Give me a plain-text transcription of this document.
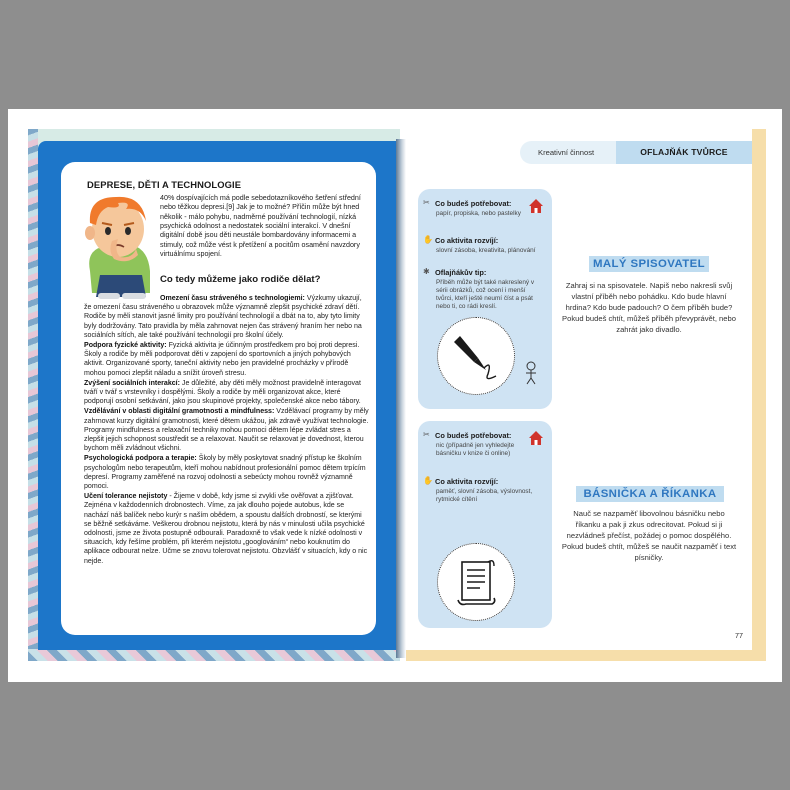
DEPRESE, DĚTI A TECHNOLOGIE
40% dospívajících má podle sebedotazníkového šetření střední nebo těžkou depresi.[9] Jak je to možné? Příčin může být hned několik - málo pohybu, nadměrné používání technologií, nízká psychická odolnost a nedostatek sociální interakcí. V dnešní digitální době jsou děti neustále bombardovány informacemi a stimuly, což může vést k přetížení a pocitům osamění navzdory virtuálnímu spojení.
Co tedy můžeme jako rodiče dělat?

Omezení času stráveného s technologiemi: Výzkumy ukazují, že omezení času stráveného u obrazovek může významně zlepšit psychické zdraví dětí. Rodiče by měli stanovit jasné limity pro používání technologií a dbát na to, aby tyto limity byly dodržovány. Tato pravidla by měla zahrnovat nejen čas strávený hraním her nebo na sociálních sítích, ale také používání technologií pro školní účely.

Podpora fyzické aktivity: Fyzická aktivita je účinným prostředkem pro boj proti depresi. Školy a rodiče by měli podporovat děti v zapojení do sportovních a jiných pohybových aktivit. Organizované sporty, taneční aktivity nebo jen pravidelné procházky v přírodě mohou pomoci zlepšit náladu a snížit úroveň stresu.

Zvýšení sociálních interakcí: Je důležité, aby děti měly možnost pravidelně interagovat tváří v tvář s vrstevníky i dospělými. Školy a rodiče by měli organizovat akce, které podporují osobní setkávání, jako jsou skupinové projekty, společenské akce nebo tábory.

Vzdělávání v oblasti digitální gramotnosti a mindfulness: Vzdělávací programy by měly zahrnovat kurzy digitální gramotnosti, které dětem ukážou, jak zdravě využívat technologie. Programy mindfulness a relaxační techniky mohou pomoci dětem lépe zvládat stres a zlepšit jejich schopnost soustředit se a relaxovat. Naučit se relaxovat je dovednost, kterou bychom měli zvládnout všichni.

Psychologická podpora a terapie: Školy by měly poskytovat snadný přístup ke školním psychologům nebo terapeutům, kteří mohou nabídnout profesionální pomoc dětem trpícím depresí. Programy zaměřené na rozvoj odolnosti a sebeúcty mohou rovněž významně pomoci.

Učení tolerance nejistoty - Žijeme v době, kdy jsme si zvykli vše ověřovat a zjišťovat. Zejména v každodenních drobnostech. Víme, za jak dlouho pojede autobus, kde se nachází náš balíček nebo kurýr s naším obědem, a spoustu dalších drobností, se kterými se běžně setkáváme. Veškerou drobnou nejistotu, která by nás v minulosti učila psychické odolnosti, jsme ze života postupně odbourali. Paradoxně to však vede k nízké odolnosti v situacích, kdy řešíme problém, při kterém nejistotu „googlováním“ nebo kouknutím do aplikace odbourat nelze. Učme se znovu tolerovat nejistotu. Obzvlášť v situacích, kdy o nic nejde.

Kreativní činnost	OFLAJŇÁK TVŮRCE
✂ Co budeš potřebovat:
papír, propiska, nebo pastelky
✋ Co aktivita rozvíjí:
slovní zásoba, kreativita, plánování
✱ Oflajňákův tip:
Příběh může být také nakreslený v sérii obrázků, což ocení i menší tvůrci, kteří ještě neumí číst a psát nebo ti, co rádi kreslí.
✂ Co budeš potřebovat:
nic (případně jen vyhledejte básničku v knize či online)
✋ Co aktivita rozvíjí:
paměť, slovní zásoba, výslovnost, rytmické cítění
MALÝ SPISOVATEL
Zahraj si na spisovatele. Napiš nebo nakresli svůj vlastní příběh nebo pohádku. Kdo bude hlavní hrdina? Kdo bude padouch? O čem příběh bude? Pokud budeš chtít, můžeš příběh převyprávět, nebo zahrát jako divadlo.
BÁSNIČKA A ŘÍKANKA
Nauč se nazpaměť libovolnou básničku nebo říkanku a pak ji zkus odrecitovat. Pokud si ji nezvládneš přečíst, požádej o pomoc dospělého. Pokud budeš chtít, můžeš se naučit nazpaměť i text písničky.
77
